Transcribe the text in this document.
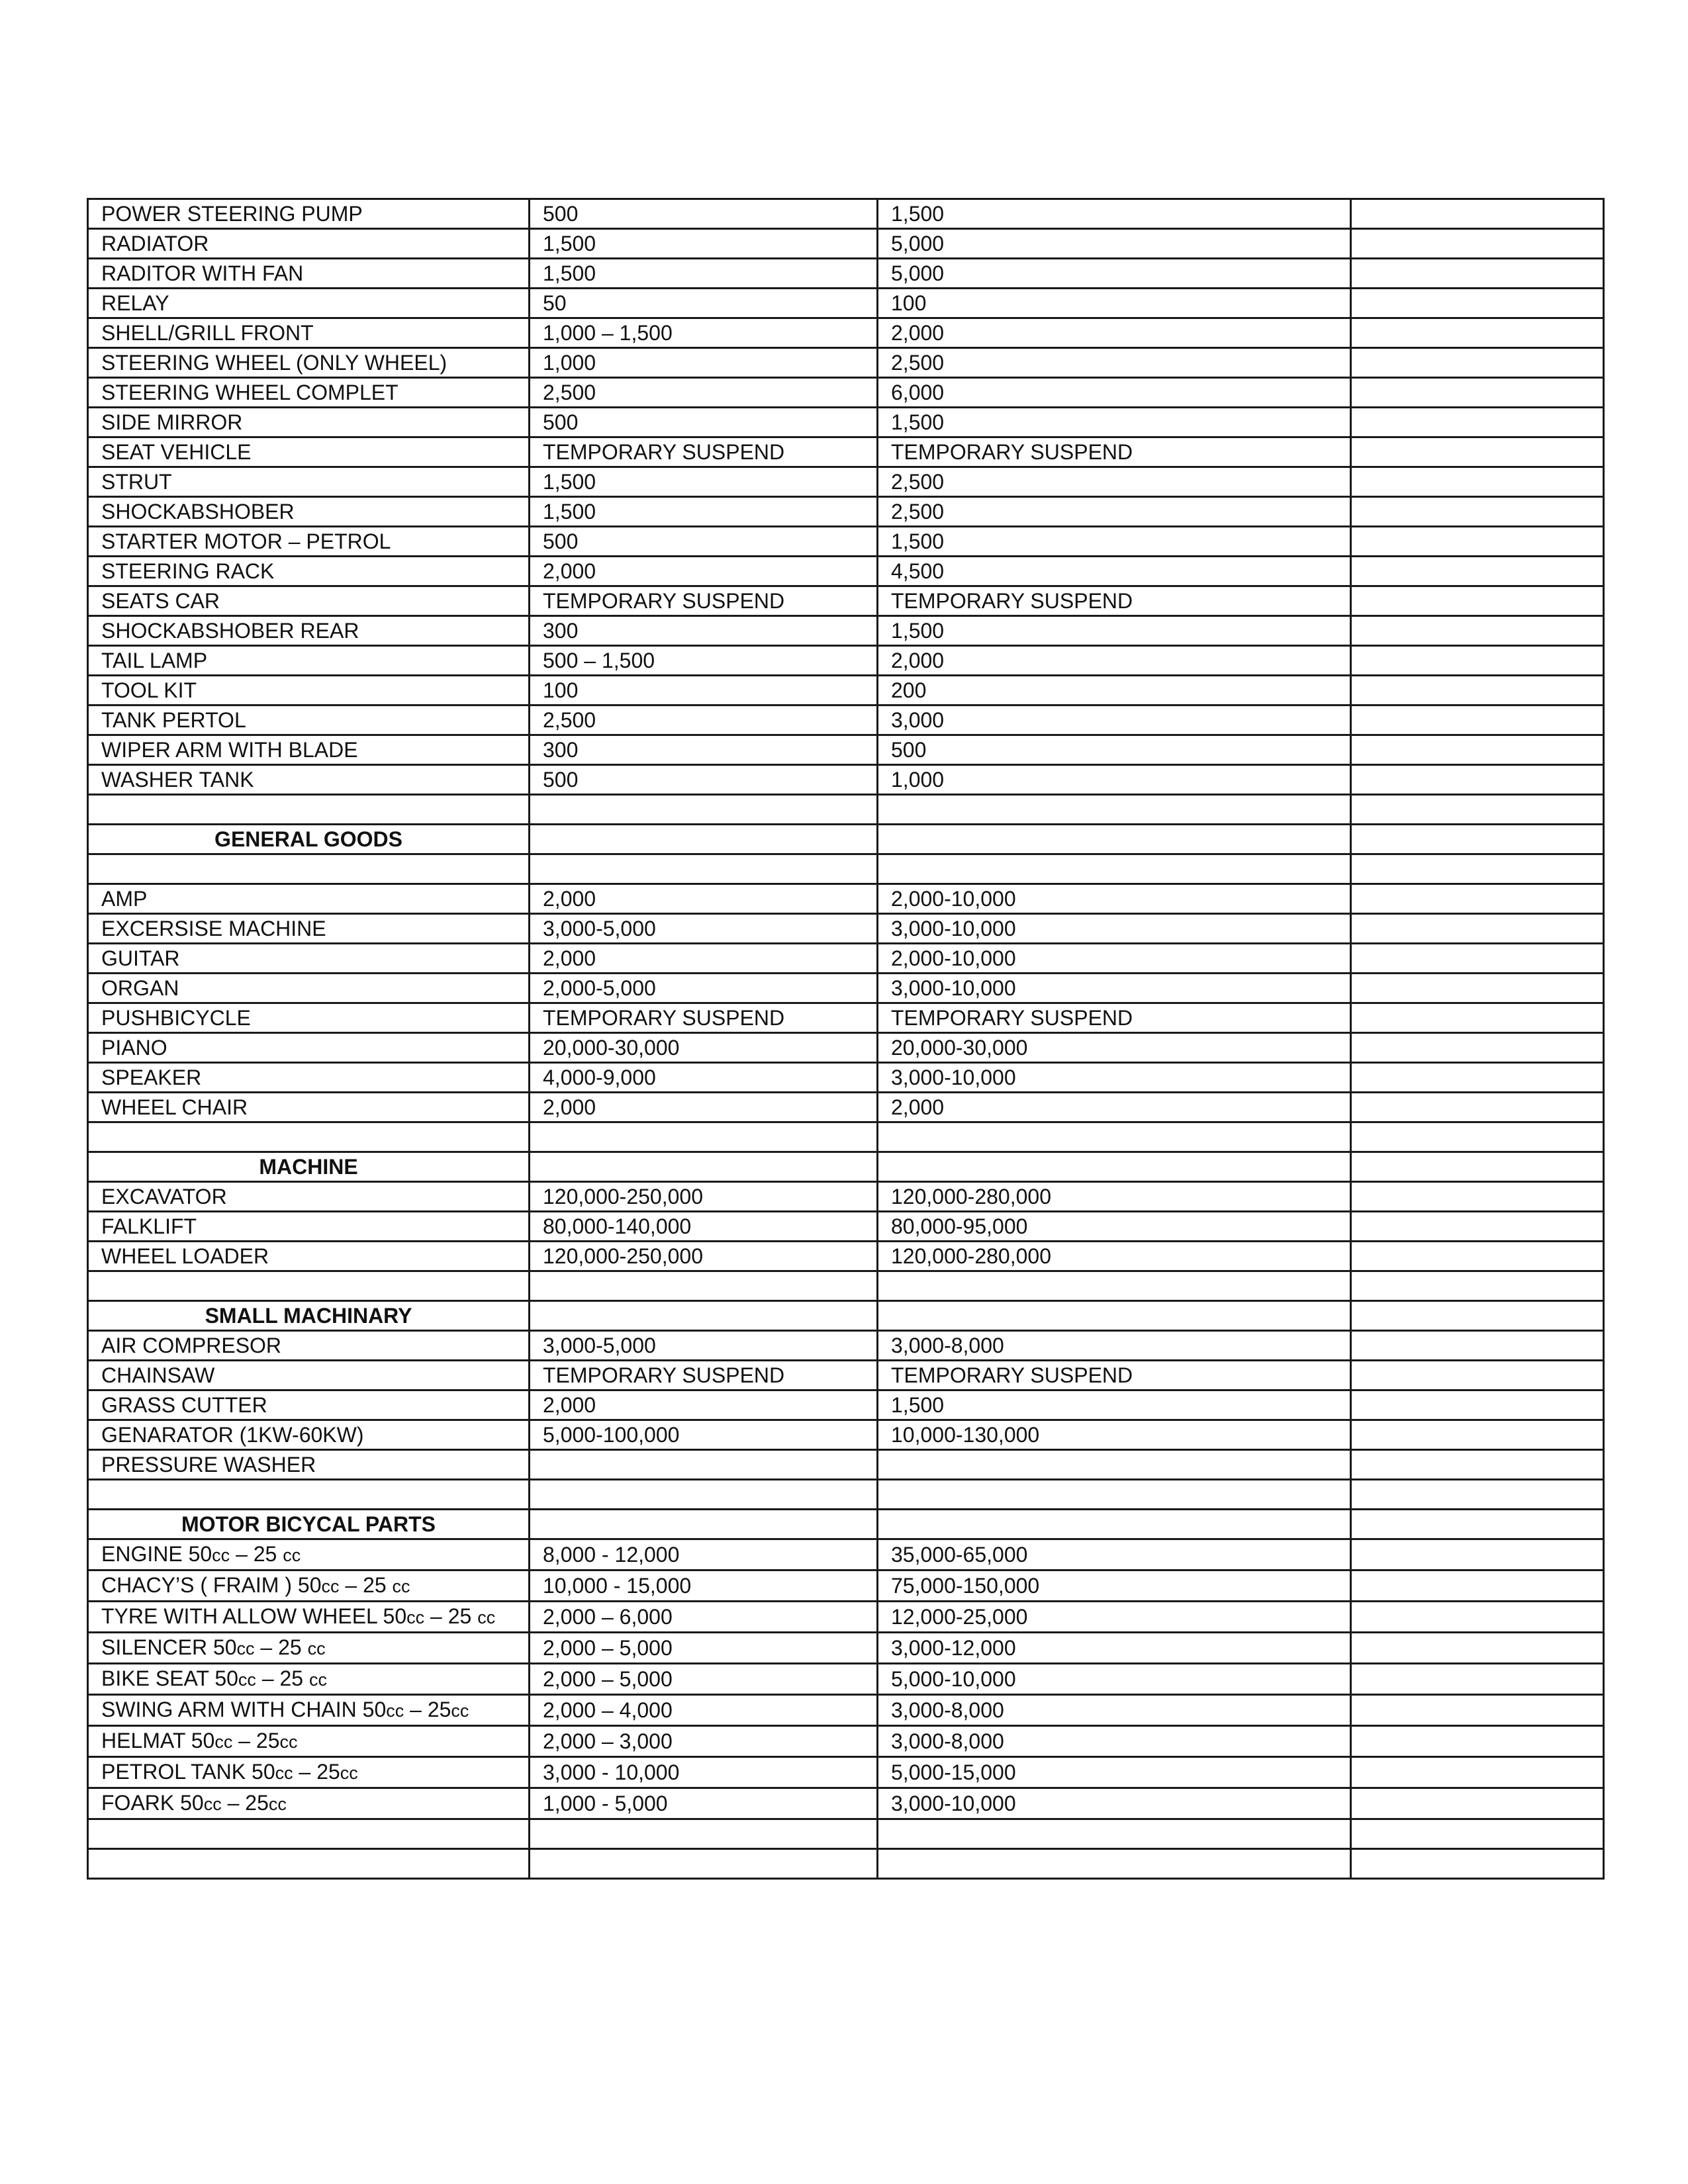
POWER STEERING PUMP	500	1,500	
RADIATOR	1,500	5,000	
RADITOR WITH FAN	1,500	5,000	
RELAY	50	100	
SHELL/GRILL FRONT	1,000 – 1,500	2,000	
STEERING WHEEL (ONLY WHEEL)	1,000	2,500	
STEERING WHEEL COMPLET	2,500	6,000	
SIDE MIRROR	500	1,500	
SEAT VEHICLE	TEMPORARY SUSPEND	TEMPORARY SUSPEND	
STRUT	1,500	2,500	
SHOCKABSHOBER	1,500	2,500	
STARTER MOTOR – PETROL	500	1,500	
STEERING RACK	2,000	4,500	
SEATS CAR	TEMPORARY SUSPEND	TEMPORARY SUSPEND	
SHOCKABSHOBER REAR	300	1,500	
TAIL LAMP	500 – 1,500	2,000	
TOOL KIT	100	200	
TANK PERTOL	2,500	3,000	
WIPER ARM WITH BLADE	300	500	
WASHER TANK	500	1,000	

GENERAL GOODS			

AMP	2,000	2,000-10,000	
EXCERSISE MACHINE	3,000-5,000	3,000-10,000	
GUITAR	2,000	2,000-10,000	
ORGAN	2,000-5,000	3,000-10,000	
PUSHBICYCLE	TEMPORARY SUSPEND	TEMPORARY SUSPEND	
PIANO	20,000-30,000	20,000-30,000	
SPEAKER	4,000-9,000	3,000-10,000	
WHEEL CHAIR	2,000	2,000	

MACHINE			
EXCAVATOR	120,000-250,000	120,000-280,000	
FALKLIFT	80,000-140,000	80,000-95,000	
WHEEL LOADER	120,000-250,000	120,000-280,000	

SMALL MACHINARY			
AIR COMPRESOR	3,000-5,000	3,000-8,000	
CHAINSAW	TEMPORARY SUSPEND	TEMPORARY SUSPEND	
GRASS CUTTER	2,000	1,500	
GENARATOR (1KW-60KW)	5,000-100,000	10,000-130,000	
PRESSURE WASHER			

MOTOR BICYCAL PARTS			
ENGINE 50cc – 25 cc	8,000 - 12,000	35,000-65,000	
CHACY’S ( FRAIM ) 50cc – 25 cc	10,000 - 15,000	75,000-150,000	
TYRE WITH ALLOW WHEEL 50cc – 25 cc	2,000 – 6,000	12,000-25,000	
SILENCER 50cc – 25 cc	2,000 – 5,000	3,000-12,000	
BIKE SEAT 50cc – 25 cc	2,000 – 5,000	5,000-10,000	
SWING ARM WITH CHAIN 50cc – 25cc	2,000 – 4,000	3,000-8,000	
HELMAT 50cc – 25cc	2,000 – 3,000	3,000-8,000	
PETROL TANK 50cc – 25cc	3,000 - 10,000	5,000-15,000	
FOARK 50cc – 25cc	1,000 - 5,000	3,000-10,000	
